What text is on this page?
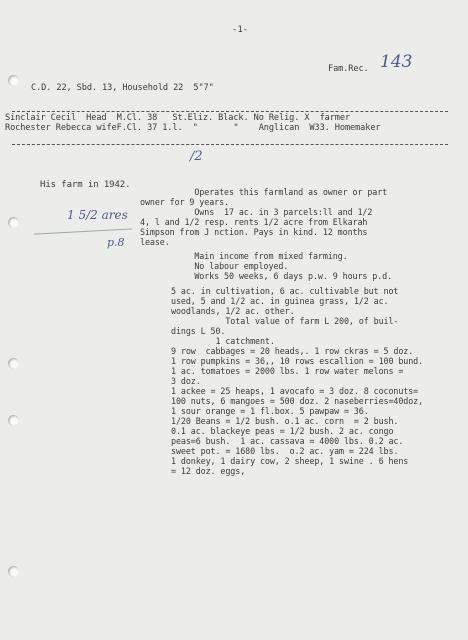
-1-
Fam.Rec. 143
C.D. 22, Sbd. 13, Household 22  5"7"
Sinclair Cecil  Head  M.Cl. 38   St.Eliz. Black. No Relig. X  farmer
Rochester Rebecca wifeF.Cl. 37 1.l.  "       "    Anglican  W33. Homemaker
/2
His farm in 1942.
1 5/2 ares
p.8
Operates this farmland as owner or part
owner for 9 years.
Owns  17 ac. in 3 parcels:ll and 1/2
4, l and 1/2 resp. rents 1/2 acre from Elkarah
Simpson from J nction. Pays in kind. 12 months
lease.
Main income from mixed farming.
No labour employed.
Works 50 weeks, 6 days p.w. 9 hours p.d.
5 ac. in cultivation, 6 ac. cultivable but not
used, 5 and 1/2 ac. in guinea grass, 1/2 ac.
woodlands, 1/2 ac. other.
Total value of farm L 200, of buil-
dings L 50.
1 catchment.
9 row  cabbages = 20 heads,. 1 row ckras = 5 doz.
1 row pumpkins = 36,, 10 rows escallion = 100 bund.
1 ac. tomatoes = 2000 lbs. 1 row water melons =
3 doz.
1 ackee = 25 heaps, 1 avocafo = 3 doz. 8 coconuts=
100 nuts, 6 mangoes = 500 doz. 2 naseberries=40doz,
1 sour orange = 1 fl.box. 5 pawpaw = 36.
1/20 Beans = 1/2 bush. o.1 ac. corn  = 2 bush.
0.1 ac. blackeye peas = 1/2 bush. 2 ac. congo
peas=6 bush.  1 ac. cassava = 4000 lbs. 0.2 ac.
sweet pot. = 1680 lbs.  o.2 ac. yam = 224 lbs.
1 donkey, 1 dairy cow, 2 sheep, 1 swine . 6 hens
= 12 doz. eggs,
